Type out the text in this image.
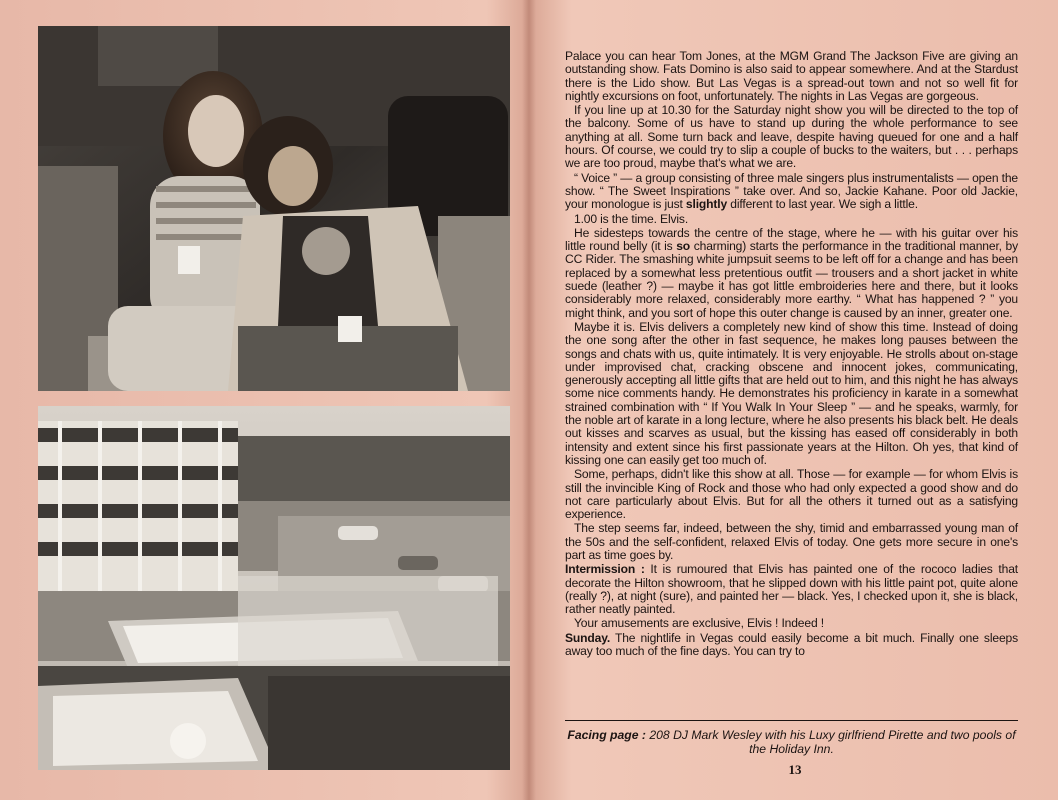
Palace you can hear Tom Jones, at the MGM Grand The Jackson Five are giving an outstanding show. Fats Domino is also said to appear somewhere. And at the Stardust there is the Lido show. But Las Vegas is a spread-out town and not so well fit for nightly excursions on foot, unfortunately. The nights in Las Vegas are gorgeous.

If you line up at 10.30 for the Saturday night show you will be directed to the top of the balcony. Some of us have to stand up during the whole performance to see anything at all. Some turn back and leave, despite having queued for one and a half hours. Of course, we could try to slip a couple of bucks to the waiters, but . . . perhaps we are too proud, maybe that's what we are.

“ Voice ” — a group consisting of three male singers plus instrumentalists — open the show. “ The Sweet Inspirations ” take over. And so, Jackie Kahane. Poor old Jackie, your monologue is just slightly different to last year. We sigh a little.

1.00 is the time. Elvis.

He sidesteps towards the centre of the stage, where he — with his guitar over his little round belly (it is so charming) starts the performance in the traditional manner, by CC Rider. The smashing white jumpsuit seems to be left off for a change and has been replaced by a somewhat less pretentious outfit — trousers and a short jacket in white suede (leather ?) — maybe it has got little embroideries here and there, but it looks considerably more relaxed, considerably more earthy. “ What has happened ? ” you might think, and you sort of hope this outer change is caused by an inner, greater one.

Maybe it is. Elvis delivers a completely new kind of show this time. Instead of doing the one song after the other in fast sequence, he makes long pauses between the songs and chats with us, quite intimately. It is very enjoyable. He strolls about on-stage under improvised chat, cracking obscene and innocent jokes, communicating, generously accepting all little gifts that are held out to him, and this night he has always some nice comments handy. He demonstrates his proficiency in karate in a somewhat strained combination with “ If You Walk In Your Sleep ” — and he speaks, warmly, for the noble art of karate in a long lecture, where he also presents his black belt. He deals out kisses and scarves as usual, but the kissing has eased off considerably in both intensity and extent since his first passionate years at the Hilton. Oh yes, that kind of kissing one can easily get too much of.

Some, perhaps, didn't like this show at all. Those — for example — for whom Elvis is still the invincible King of Rock and those who had only expected a good show and do not care particularly about Elvis. But for all the others it turned out as a satisfying experience.

The step seems far, indeed, between the shy, timid and embarrassed young man of the 50s and the self-confident, relaxed Elvis of today. One gets more secure in one's part as time goes by.

Intermission : It is rumoured that Elvis has painted one of the rococo ladies that decorate the Hilton showroom, that he slipped down with his little paint pot, quite alone (really ?), at night (sure), and painted her — black. Yes, I checked upon it, she is black, rather neatly painted.

Your amusements are exclusive, Elvis ! Indeed !

Sunday. The nightlife in Vegas could easily become a bit much. Finally one sleeps away too much of the fine days. You can try to

Facing page : 208 DJ Mark Wesley with his Luxy girlfriend Pirette and two pools of the Holiday Inn.
13
